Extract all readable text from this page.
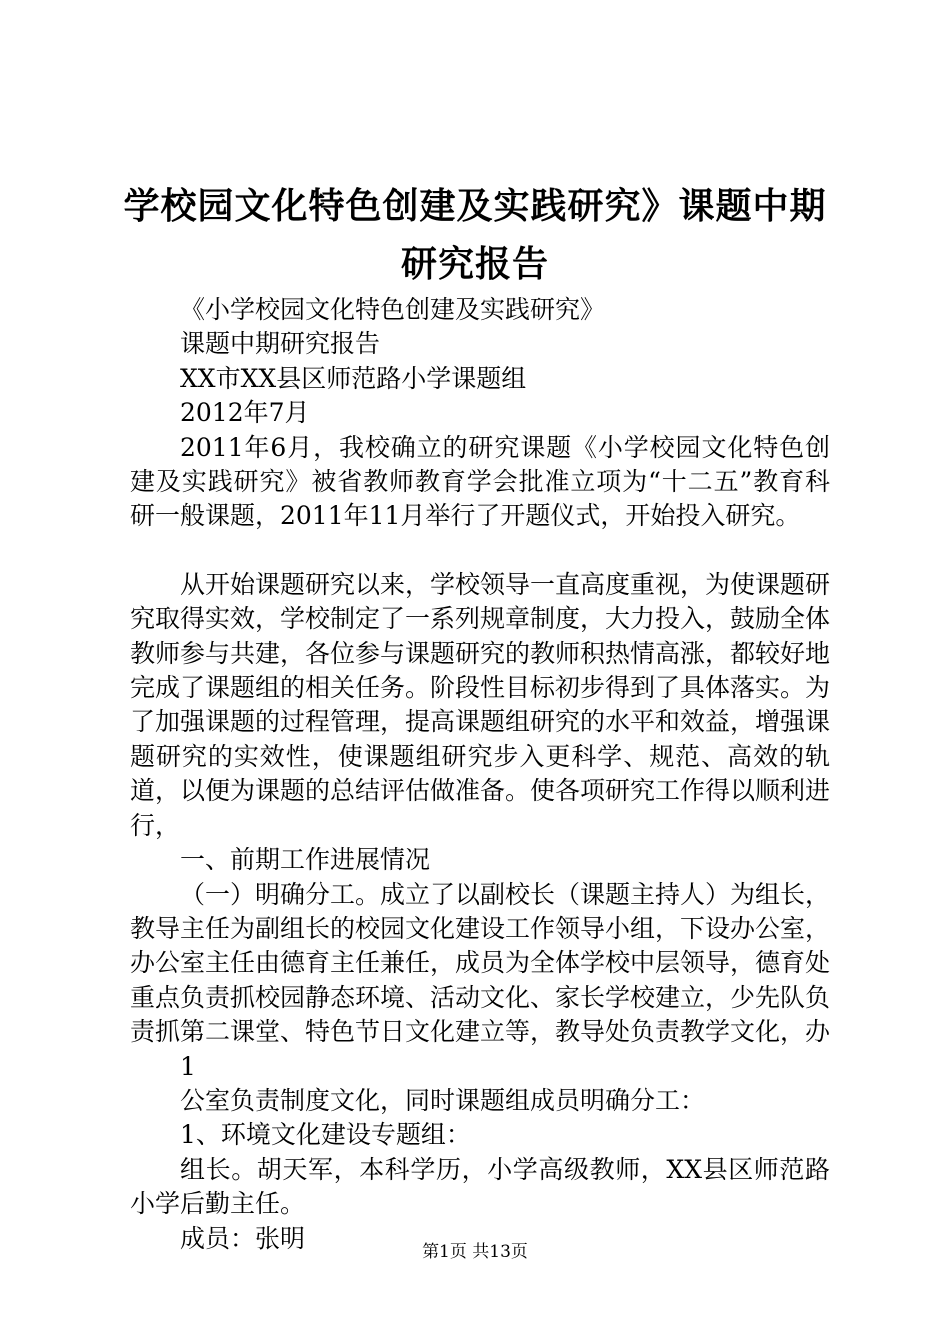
学校园文化特色创建及实践研究》课题中期研究报告

《小学校园文化特色创建及实践研究》

课题中期研究报告

XX市XX县区师范路小学课题组

2012年7月

2011年6月，我校确立的研究课题《小学校园文化特色创建及实践研究》被省教师教育学会批准立项为“十二五”教育科研一般课题，2011年11月举行了开题仪式，开始投入研究。

从开始课题研究以来，学校领导一直高度重视，为使课题研究取得实效，学校制定了一系列规章制度，大力投入，鼓励全体教师参与共建，各位参与课题研究的教师积热情高涨，都较好地完成了课题组的相关任务。阶段性目标初步得到了具体落实。为了加强课题的过程管理，提高课题组研究的水平和效益，增强课题研究的实效性，使课题组研究步入更科学、规范、高效的轨道，以便为课题的总结评估做准备。使各项研究工作得以顺利进行，

一、前期工作进展情况

（一）明确分工。成立了以副校长（课题主持人）为组长，教导主任为副组长的校园文化建设工作领导小组，下设办公室，办公室主任由德育主任兼任，成员为全体学校中层领导，德育处重点负责抓校园静态环境、活动文化、家长学校建立，少先队负责抓第二课堂、特色节日文化建立等，教导处负责教学文化，办

1

公室负责制度文化，同时课题组成员明确分工：

1、环境文化建设专题组：

组长。胡天军，本科学历，小学高级教师，XX县区师范路小学后勤主任。

成员：张明	第1页 共13页
